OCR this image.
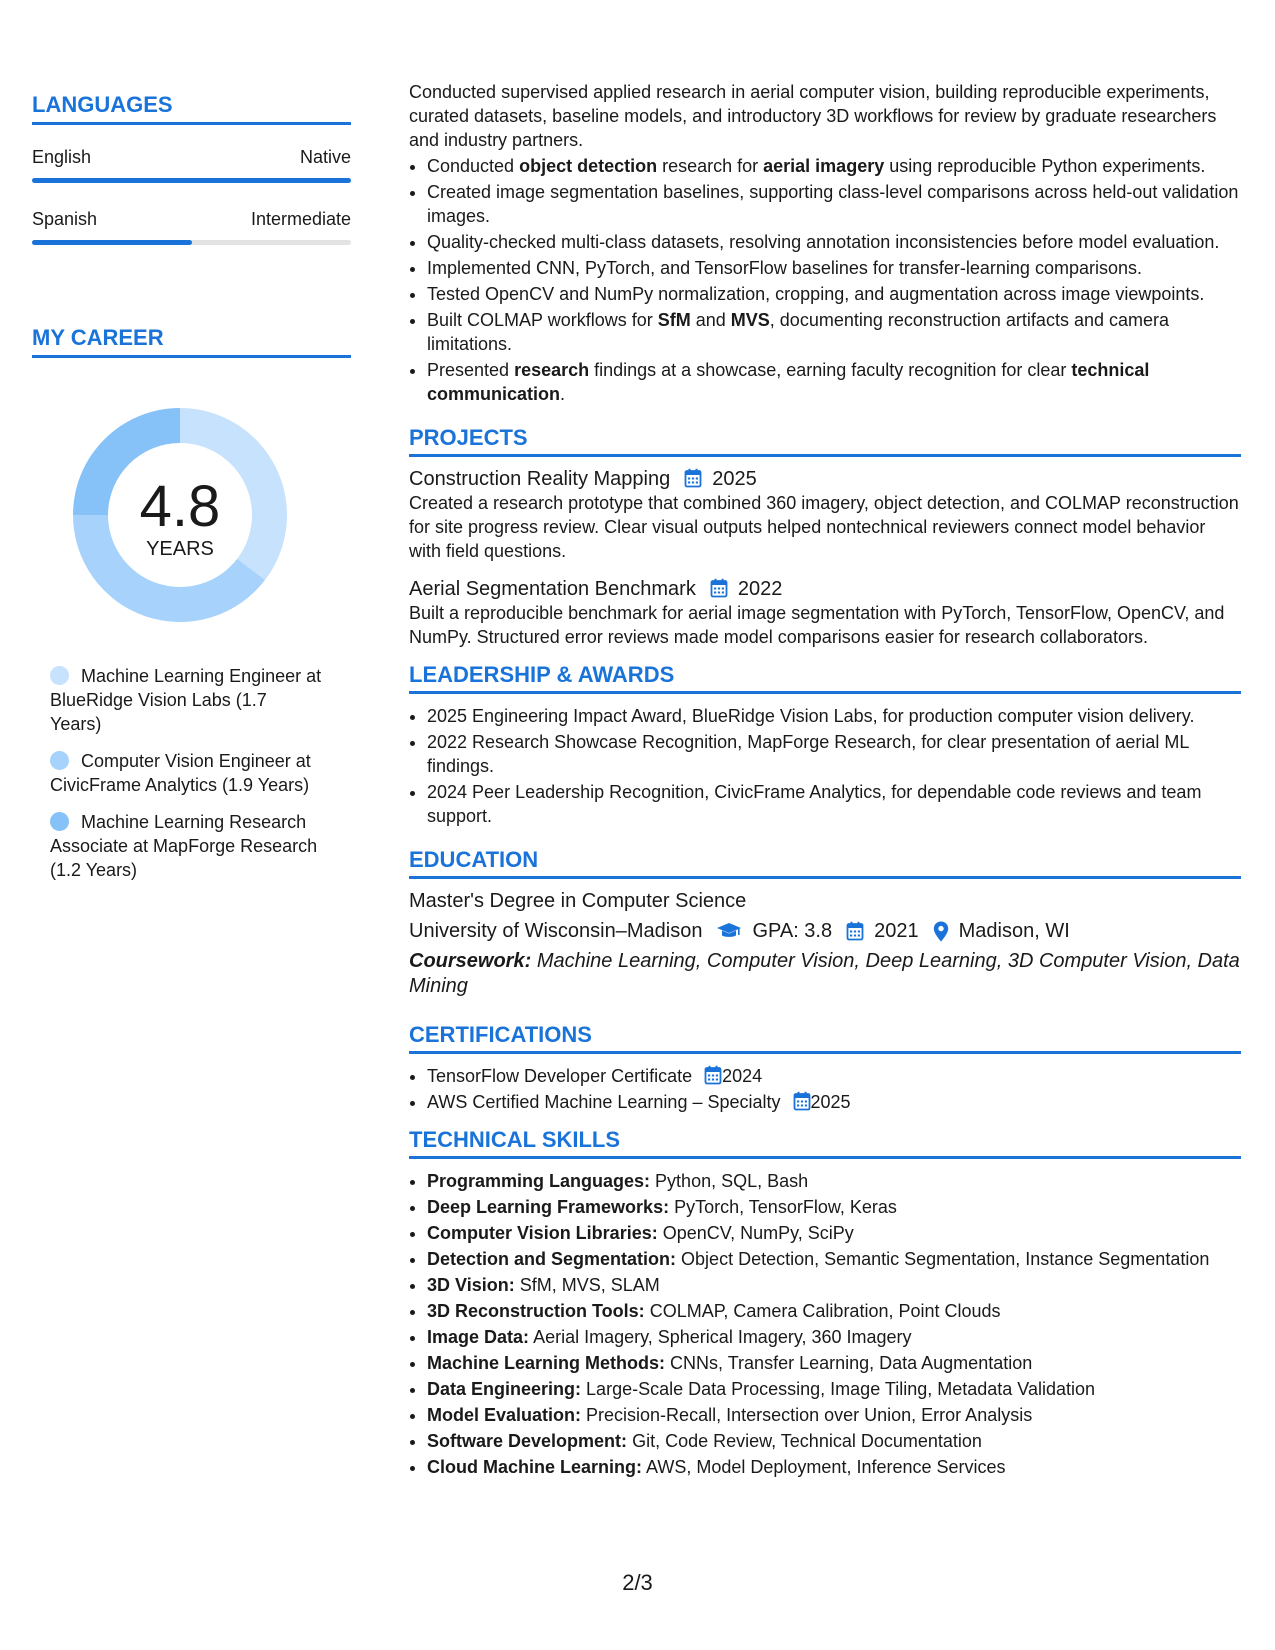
LANGUAGES
English	Native
Spanish	Intermediate
MY CAREER
4.8
YEARS
Machine Learning Engineer at BlueRidge Vision Labs (1.7 Years)
Computer Vision Engineer at CivicFrame Analytics (1.9 Years)
Machine Learning Research Associate at MapForge Research (1.2 Years)

Conducted supervised applied research in aerial computer vision, building reproducible experiments, curated datasets, baseline models, and introductory 3D workflows for review by graduate researchers and industry partners.

• Conducted object detection research for aerial imagery using reproducible Python experiments.
• Created image segmentation baselines, supporting class-level comparisons across held-out validation images.
• Quality-checked multi-class datasets, resolving annotation inconsistencies before model evaluation.
• Implemented CNN, PyTorch, and TensorFlow baselines for transfer-learning comparisons.
• Tested OpenCV and NumPy normalization, cropping, and augmentation across image viewpoints.
• Built COLMAP workflows for SfM and MVS, documenting reconstruction artifacts and camera limitations.
• Presented research findings at a showcase, earning faculty recognition for clear technical communication.
PROJECTS
Construction Reality Mapping 2025

Created a research prototype that combined 360 imagery, object detection, and COLMAP reconstruction for site progress review. Clear visual outputs helped nontechnical reviewers connect model behavior with field questions.

Aerial Segmentation Benchmark 2022

Built a reproducible benchmark for aerial image segmentation with PyTorch, TensorFlow, OpenCV, and NumPy. Structured error reviews made model comparisons easier for research collaborators.

LEADERSHIP & AWARDS
• 2025 Engineering Impact Award, BlueRidge Vision Labs, for production computer vision delivery.
• 2022 Research Showcase Recognition, MapForge Research, for clear presentation of aerial ML findings.
• 2024 Peer Leadership Recognition, CivicFrame Analytics, for dependable code reviews and team support.
EDUCATION
Master's Degree in Computer Science
University of Wisconsin–Madison	GPA: 3.8 2021 Madison, WI
Coursework: Machine Learning, Computer Vision, Deep Learning, 3D Computer Vision, Data Mining
CERTIFICATIONS
• TensorFlow Developer Certificate 2024
• AWS Certified Machine Learning – Specialty 2025
TECHNICAL SKILLS
• Programming Languages: Python, SQL, Bash
• Deep Learning Frameworks: PyTorch, TensorFlow, Keras
• Computer Vision Libraries: OpenCV, NumPy, SciPy
• Detection and Segmentation: Object Detection, Semantic Segmentation, Instance Segmentation
• 3D Vision: SfM, MVS, SLAM
• 3D Reconstruction Tools: COLMAP, Camera Calibration, Point Clouds
• Image Data: Aerial Imagery, Spherical Imagery, 360 Imagery
• Machine Learning Methods: CNNs, Transfer Learning, Data Augmentation
• Data Engineering: Large-Scale Data Processing, Image Tiling, Metadata Validation
• Model Evaluation: Precision-Recall, Intersection over Union, Error Analysis
• Software Development: Git, Code Review, Technical Documentation
• Cloud Machine Learning: AWS, Model Deployment, Inference Services
2/3
